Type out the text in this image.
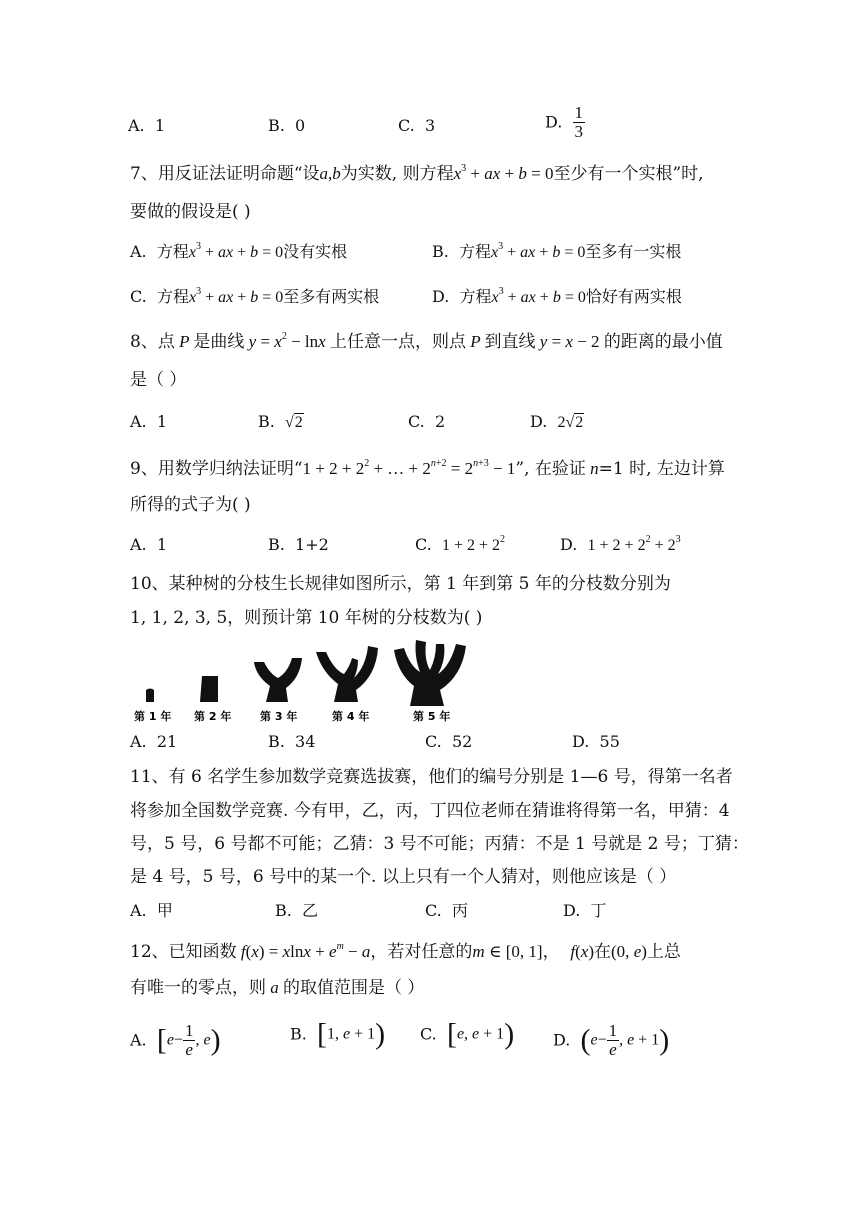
A. 1	B. 0	C. 3	D. $\frac{1}{3}$
7、用反证法证明命题“设a,b为实数, 则方程$x^3$ + ax + b = 0至少有一个实根”时,
要做的假设是( )
A. 方程$x^3$ + ax + b = 0没有实根	B. 方程$x^3$ + ax + b = 0至多有一实根
C. 方程$x^3$ + ax + b = 0至多有两实根	D. 方程$x^3$ + ax + b = 0恰好有两实根
8、点 P 是曲线 $y = x^2 - \ln x$ 上任意一点，则点 P 到直线 y = x − 2 的距离的最小值
是（ ）
A. 1	B. √2	C. 2	D. 2√2
9、用数学归纳法证明“$1 + 2 + 2^2$ + … + $2^{n+2} = 2^{n+3} - 1$”, 在验证 n=1 时, 左边计算
所得的式子为( )
A. 1	B. 1+2	C. $1 + 2 + 2^2$	D. $1 + 2 + 2^2 + 2^3$
10、某种树的分枝生长规律如图所示，第 1 年到第 5 年的分枝数分别为
1, 1, 2, 3, 5，则预计第 10 年树的分枝数为( )
第 1 年 第 2 年	第 3 年	第 4 年	第 5 年
A. 21	B. 34	C. 52	D. 55
11、有 6 名学生参加数学竞赛选拔赛，他们的编号分别是 1—6 号，得第一名者
将参加全国数学竞赛. 今有甲，乙，丙，丁四位老师在猜谁将得第一名，甲猜：4
号，5 号，6 号都不可能；乙猜：3 号不可能；丙猜：不是 1 号就是 2 号；丁猜：
是 4 号，5 号，6 号中的某一个. 以上只有一个人猜对，则他应该是（ ）
A. 甲	B. 乙	C. 丙	D. 丁
12、已知函数 $f(x) = xlnx + e^m - a$，若对任意的m ∈ [0, 1]， f(x)在(0, e)上总
有唯一的零点，则 a 的取值范围是（ ）
A. [$e- \frac{1}{e}$ , e)	B. [1, e + 1) C. [e, e + 1) D. ($e- \frac{1}{e}$ , e + 1)
